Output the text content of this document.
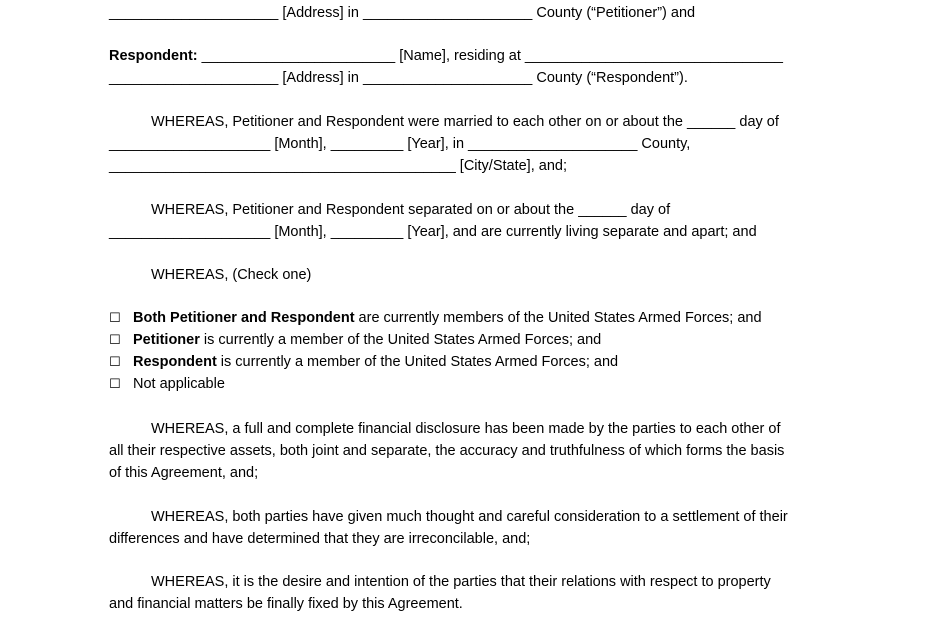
_____________________ [Address] in _____________________ County (“Petitioner”) and
Respondent: ________________________ [Name], residing at ________________________________
_____________________ [Address] in _____________________ County (“Respondent”).
WHEREAS, Petitioner and Respondent were married to each other on or about the ______ day of
____________________ [Month], _________ [Year], in _____________________ County,
___________________________________________ [City/State], and;
WHEREAS, Petitioner and Respondent separated on or about the ______ day of
____________________ [Month], _________ [Year], and are currently living separate and apart; and
WHEREAS, (Check one)
☐ Both Petitioner and Respondent are currently members of the United States Armed Forces; and
☐ Petitioner is currently a member of the United States Armed Forces; and
☐ Respondent is currently a member of the United States Armed Forces; and
☐ Not applicable
WHEREAS, a full and complete financial disclosure has been made by the parties to each other of
all their respective assets, both joint and separate, the accuracy and truthfulness of which forms the basis
of this Agreement, and;
WHEREAS, both parties have given much thought and careful consideration to a settlement of their
differences and have determined that they are irreconcilable, and;
WHEREAS, it is the desire and intention of the parties that their relations with respect to property
and financial matters be finally fixed by this Agreement.
